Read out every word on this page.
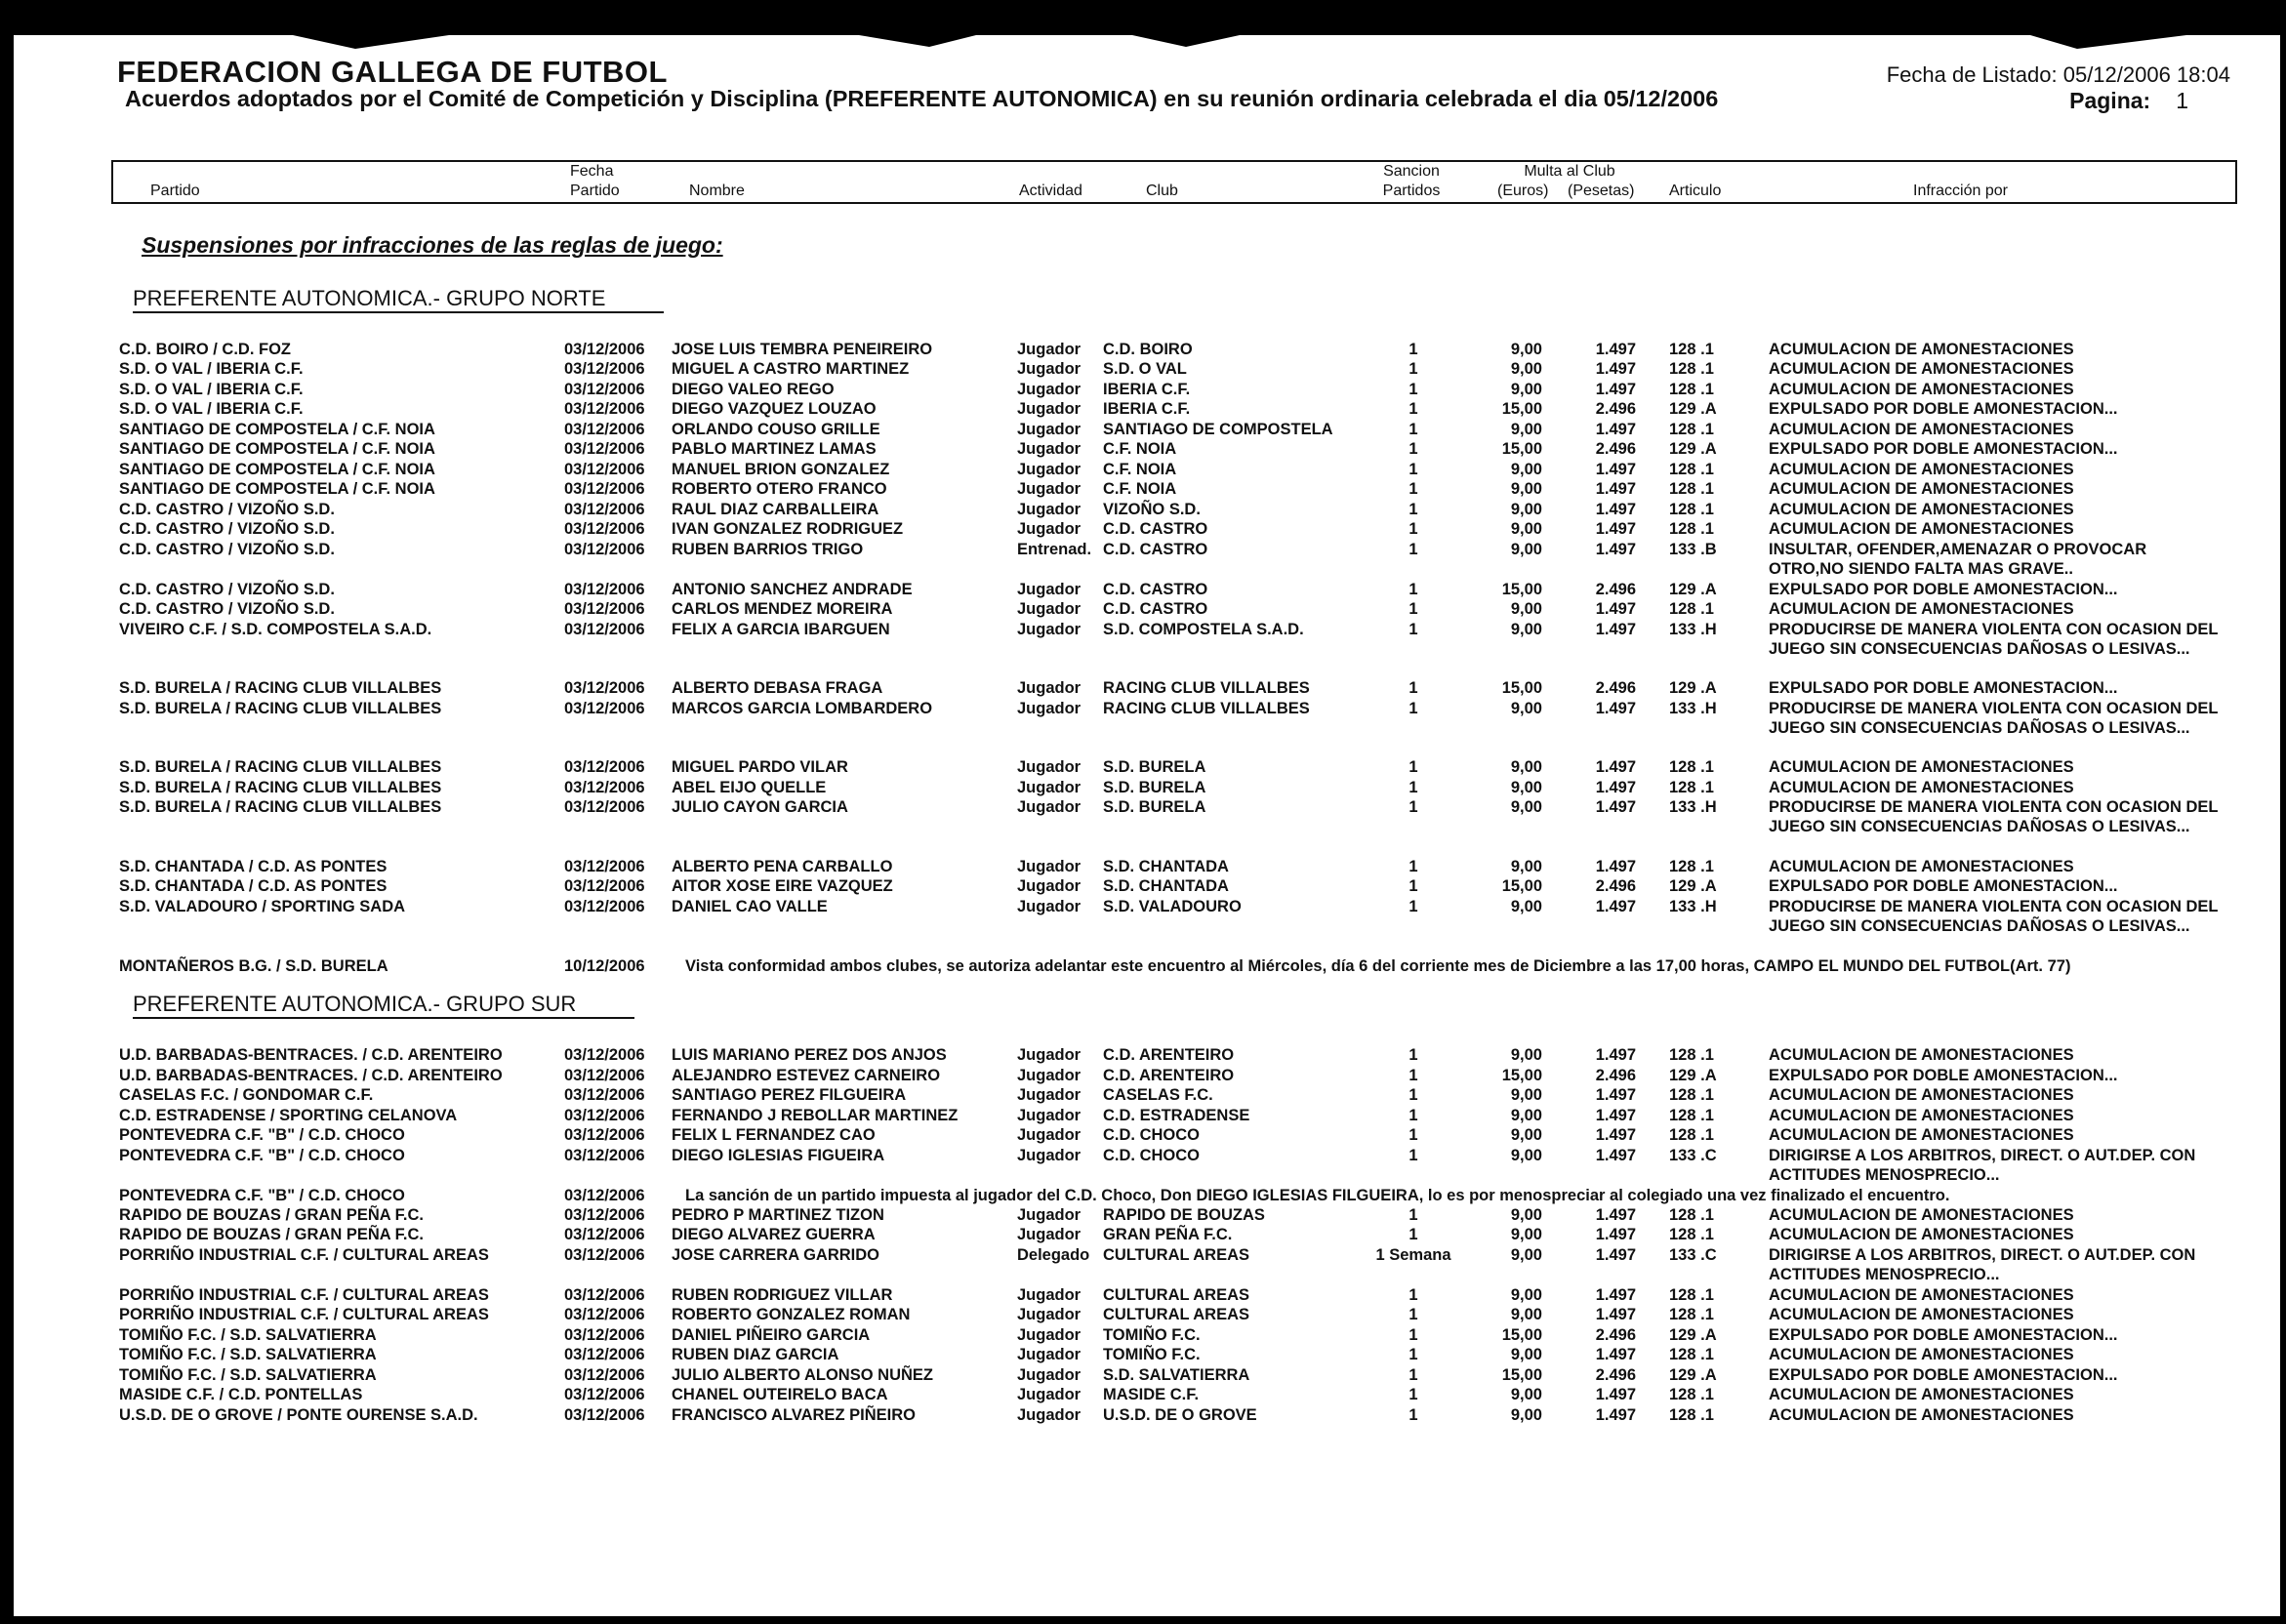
FEDERACION GALLEGA DE FUTBOL
Acuerdos adoptados por el Comité de Competición y Disciplina (PREFERENTE AUTONOMICA) en su reunión ordinaria celebrada el dia 05/12/2006
Fecha de Listado: 05/12/2006 18:04
Pagina: 1
Partido
Fecha
Partido	Nombre	Actividad	Club
Sancion
Partidos
Multa al Club
(Euros) (Pesetas) Articulo	Infracción por
Suspensiones por infracciones de las reglas de juego:
PREFERENTE AUTONOMICA.- GRUPO NORTE
C.D. BOIRO / C.D. FOZ	03/12/2006 JOSE LUIS TEMBRA PENEIREIRO	Jugador C.D. BOIRO	1	9,00	1.497 128 .1	ACUMULACION DE AMONESTACIONES
S.D. O VAL / IBERIA C.F.	03/12/2006 MIGUEL A CASTRO MARTINEZ	Jugador S.D. O VAL	1	9,00	1.497 128 .1	ACUMULACION DE AMONESTACIONES
S.D. O VAL / IBERIA C.F.	03/12/2006 DIEGO VALEO REGO	Jugador IBERIA C.F.	1	9,00	1.497 128 .1	ACUMULACION DE AMONESTACIONES
S.D. O VAL / IBERIA C.F.	03/12/2006 DIEGO VAZQUEZ LOUZAO	Jugador IBERIA C.F.	1	15,00	2.496 129 .A	EXPULSADO POR DOBLE AMONESTACION...
SANTIAGO DE COMPOSTELA / C.F. NOIA	03/12/2006 ORLANDO COUSO GRILLE	Jugador SANTIAGO DE COMPOSTELA	1	9,00	1.497 128 .1	ACUMULACION DE AMONESTACIONES
SANTIAGO DE COMPOSTELA / C.F. NOIA	03/12/2006 PABLO MARTINEZ LAMAS	Jugador C.F. NOIA	1	15,00	2.496 129 .A	EXPULSADO POR DOBLE AMONESTACION...
SANTIAGO DE COMPOSTELA / C.F. NOIA	03/12/2006 MANUEL BRION GONZALEZ	Jugador C.F. NOIA	1	9,00	1.497 128 .1	ACUMULACION DE AMONESTACIONES
SANTIAGO DE COMPOSTELA / C.F. NOIA	03/12/2006 ROBERTO OTERO FRANCO	Jugador C.F. NOIA	1	9,00	1.497 128 .1	ACUMULACION DE AMONESTACIONES
C.D. CASTRO / VIZOÑO S.D.	03/12/2006 RAUL DIAZ CARBALLEIRA	Jugador VIZOÑO S.D.	1	9,00	1.497 128 .1	ACUMULACION DE AMONESTACIONES
C.D. CASTRO / VIZOÑO S.D.	03/12/2006 IVAN GONZALEZ RODRIGUEZ	Jugador C.D. CASTRO	1	9,00	1.497 128 .1	ACUMULACION DE AMONESTACIONES
C.D. CASTRO / VIZOÑO S.D.	03/12/2006 RUBEN BARRIOS TRIGO	Entrenad. C.D. CASTRO	1	9,00	1.497 133 .B	INSULTAR, OFENDER,AMENAZAR O PROVOCAR
OTRO,NO SIENDO FALTA MAS GRAVE..
C.D. CASTRO / VIZOÑO S.D.	03/12/2006 ANTONIO SANCHEZ ANDRADE	Jugador C.D. CASTRO	1	15,00	2.496 129 .A	EXPULSADO POR DOBLE AMONESTACION...
C.D. CASTRO / VIZOÑO S.D.	03/12/2006 CARLOS MENDEZ MOREIRA	Jugador C.D. CASTRO	1	9,00	1.497 128 .1	ACUMULACION DE AMONESTACIONES
VIVEIRO C.F. / S.D. COMPOSTELA S.A.D.	03/12/2006 FELIX A GARCIA IBARGUEN	Jugador S.D. COMPOSTELA S.A.D.	1	9,00	1.497 133 .H	PRODUCIRSE DE MANERA VIOLENTA CON OCASION DEL
JUEGO SIN CONSECUENCIAS DAÑOSAS O LESIVAS...
S.D. BURELA / RACING CLUB VILLALBES	03/12/2006 ALBERTO DEBASA FRAGA	Jugador RACING CLUB VILLALBES	1	15,00	2.496 129 .A	EXPULSADO POR DOBLE AMONESTACION...
S.D. BURELA / RACING CLUB VILLALBES	03/12/2006 MARCOS GARCIA LOMBARDERO	Jugador RACING CLUB VILLALBES	1	9,00	1.497 133 .H	PRODUCIRSE DE MANERA VIOLENTA CON OCASION DEL
JUEGO SIN CONSECUENCIAS DAÑOSAS O LESIVAS...
S.D. BURELA / RACING CLUB VILLALBES	03/12/2006 MIGUEL PARDO VILAR	Jugador S.D. BURELA	1	9,00	1.497 128 .1	ACUMULACION DE AMONESTACIONES
S.D. BURELA / RACING CLUB VILLALBES	03/12/2006 ABEL EIJO QUELLE	Jugador S.D. BURELA	1	9,00	1.497 128 .1	ACUMULACION DE AMONESTACIONES
S.D. BURELA / RACING CLUB VILLALBES	03/12/2006 JULIO CAYON GARCIA	Jugador S.D. BURELA	1	9,00	1.497 133 .H	PRODUCIRSE DE MANERA VIOLENTA CON OCASION DEL
JUEGO SIN CONSECUENCIAS DAÑOSAS O LESIVAS...
S.D. CHANTADA / C.D. AS PONTES	03/12/2006 ALBERTO PENA CARBALLO	Jugador S.D. CHANTADA	1	9,00	1.497 128 .1	ACUMULACION DE AMONESTACIONES
S.D. CHANTADA / C.D. AS PONTES	03/12/2006 AITOR XOSE EIRE VAZQUEZ	Jugador S.D. CHANTADA	1	15,00	2.496 129 .A	EXPULSADO POR DOBLE AMONESTACION...
S.D. VALADOURO / SPORTING SADA	03/12/2006 DANIEL CAO VALLE	Jugador S.D. VALADOURO	1	9,00	1.497 133 .H	PRODUCIRSE DE MANERA VIOLENTA CON OCASION DEL
JUEGO SIN CONSECUENCIAS DAÑOSAS O LESIVAS...
MONTAÑEROS B.G. / S.D. BURELA	10/12/2006	Vista conformidad ambos clubes, se autoriza adelantar este encuentro al Miércoles, día 6 del corriente mes de Diciembre a las 17,00 horas, CAMPO EL MUNDO DEL FUTBOL(Art. 77)
PREFERENTE AUTONOMICA.- GRUPO SUR
U.D. BARBADAS-BENTRACES. / C.D. ARENTEIRO	03/12/2006 LUIS MARIANO PEREZ DOS ANJOS	Jugador C.D. ARENTEIRO	1	9,00	1.497 128 .1	ACUMULACION DE AMONESTACIONES
U.D. BARBADAS-BENTRACES. / C.D. ARENTEIRO	03/12/2006 ALEJANDRO ESTEVEZ CARNEIRO	Jugador C.D. ARENTEIRO	1	15,00	2.496 129 .A	EXPULSADO POR DOBLE AMONESTACION...
CASELAS F.C. / GONDOMAR C.F.	03/12/2006 SANTIAGO PEREZ FILGUEIRA	Jugador CASELAS F.C.	1	9,00	1.497 128 .1	ACUMULACION DE AMONESTACIONES
C.D. ESTRADENSE / SPORTING CELANOVA	03/12/2006 FERNANDO J REBOLLAR MARTINEZ	Jugador C.D. ESTRADENSE	1	9,00	1.497 128 .1	ACUMULACION DE AMONESTACIONES
PONTEVEDRA C.F. "B" / C.D. CHOCO	03/12/2006 FELIX L FERNANDEZ CAO	Jugador C.D. CHOCO	1	9,00	1.497 128 .1	ACUMULACION DE AMONESTACIONES
PONTEVEDRA C.F. "B" / C.D. CHOCO	03/12/2006 DIEGO IGLESIAS FIGUEIRA	Jugador C.D. CHOCO	1	9,00	1.497 133 .C	DIRIGIRSE A LOS ARBITROS, DIRECT. O AUT.DEP. CON
ACTITUDES MENOSPRECIO...
PONTEVEDRA C.F. "B" / C.D. CHOCO	03/12/2006	La sanción de un partido impuesta al jugador del C.D. Choco, Don DIEGO IGLESIAS FILGUEIRA, lo es por menospreciar al colegiado una vez finalizado el encuentro.
RAPIDO DE BOUZAS / GRAN PEÑA F.C.	03/12/2006 PEDRO P MARTINEZ TIZON	Jugador RAPIDO DE BOUZAS	1	9,00	1.497 128 .1	ACUMULACION DE AMONESTACIONES
RAPIDO DE BOUZAS / GRAN PEÑA F.C.	03/12/2006 DIEGO ALVAREZ GUERRA	Jugador GRAN PEÑA F.C.	1	9,00	1.497 128 .1	ACUMULACION DE AMONESTACIONES
PORRIÑO INDUSTRIAL C.F. / CULTURAL AREAS	03/12/2006 JOSE CARRERA GARRIDO	Delegado CULTURAL AREAS	1 Semana	9,00	1.497 133 .C	DIRIGIRSE A LOS ARBITROS, DIRECT. O AUT.DEP. CON
ACTITUDES MENOSPRECIO...
PORRIÑO INDUSTRIAL C.F. / CULTURAL AREAS	03/12/2006 RUBEN RODRIGUEZ VILLAR	Jugador CULTURAL AREAS	1	9,00	1.497 128 .1	ACUMULACION DE AMONESTACIONES
PORRIÑO INDUSTRIAL C.F. / CULTURAL AREAS	03/12/2006 ROBERTO GONZALEZ ROMAN	Jugador CULTURAL AREAS	1	9,00	1.497 128 .1	ACUMULACION DE AMONESTACIONES
TOMIÑO F.C. / S.D. SALVATIERRA	03/12/2006 DANIEL PIÑEIRO GARCIA	Jugador TOMIÑO F.C.	1	15,00	2.496 129 .A	EXPULSADO POR DOBLE AMONESTACION...
TOMIÑO F.C. / S.D. SALVATIERRA	03/12/2006 RUBEN DIAZ GARCIA	Jugador TOMIÑO F.C.	1	9,00	1.497 128 .1	ACUMULACION DE AMONESTACIONES
TOMIÑO F.C. / S.D. SALVATIERRA	03/12/2006 JULIO ALBERTO ALONSO NUÑEZ	Jugador S.D. SALVATIERRA	1	15,00	2.496 129 .A	EXPULSADO POR DOBLE AMONESTACION...
MASIDE C.F. / C.D. PONTELLAS	03/12/2006 CHANEL OUTEIRELO BACA	Jugador MASIDE C.F.	1	9,00	1.497 128 .1	ACUMULACION DE AMONESTACIONES
U.S.D. DE O GROVE / PONTE OURENSE S.A.D.	03/12/2006 FRANCISCO ALVAREZ PIÑEIRO	Jugador U.S.D. DE O GROVE	1	9,00	1.497 128 .1	ACUMULACION DE AMONESTACIONES
